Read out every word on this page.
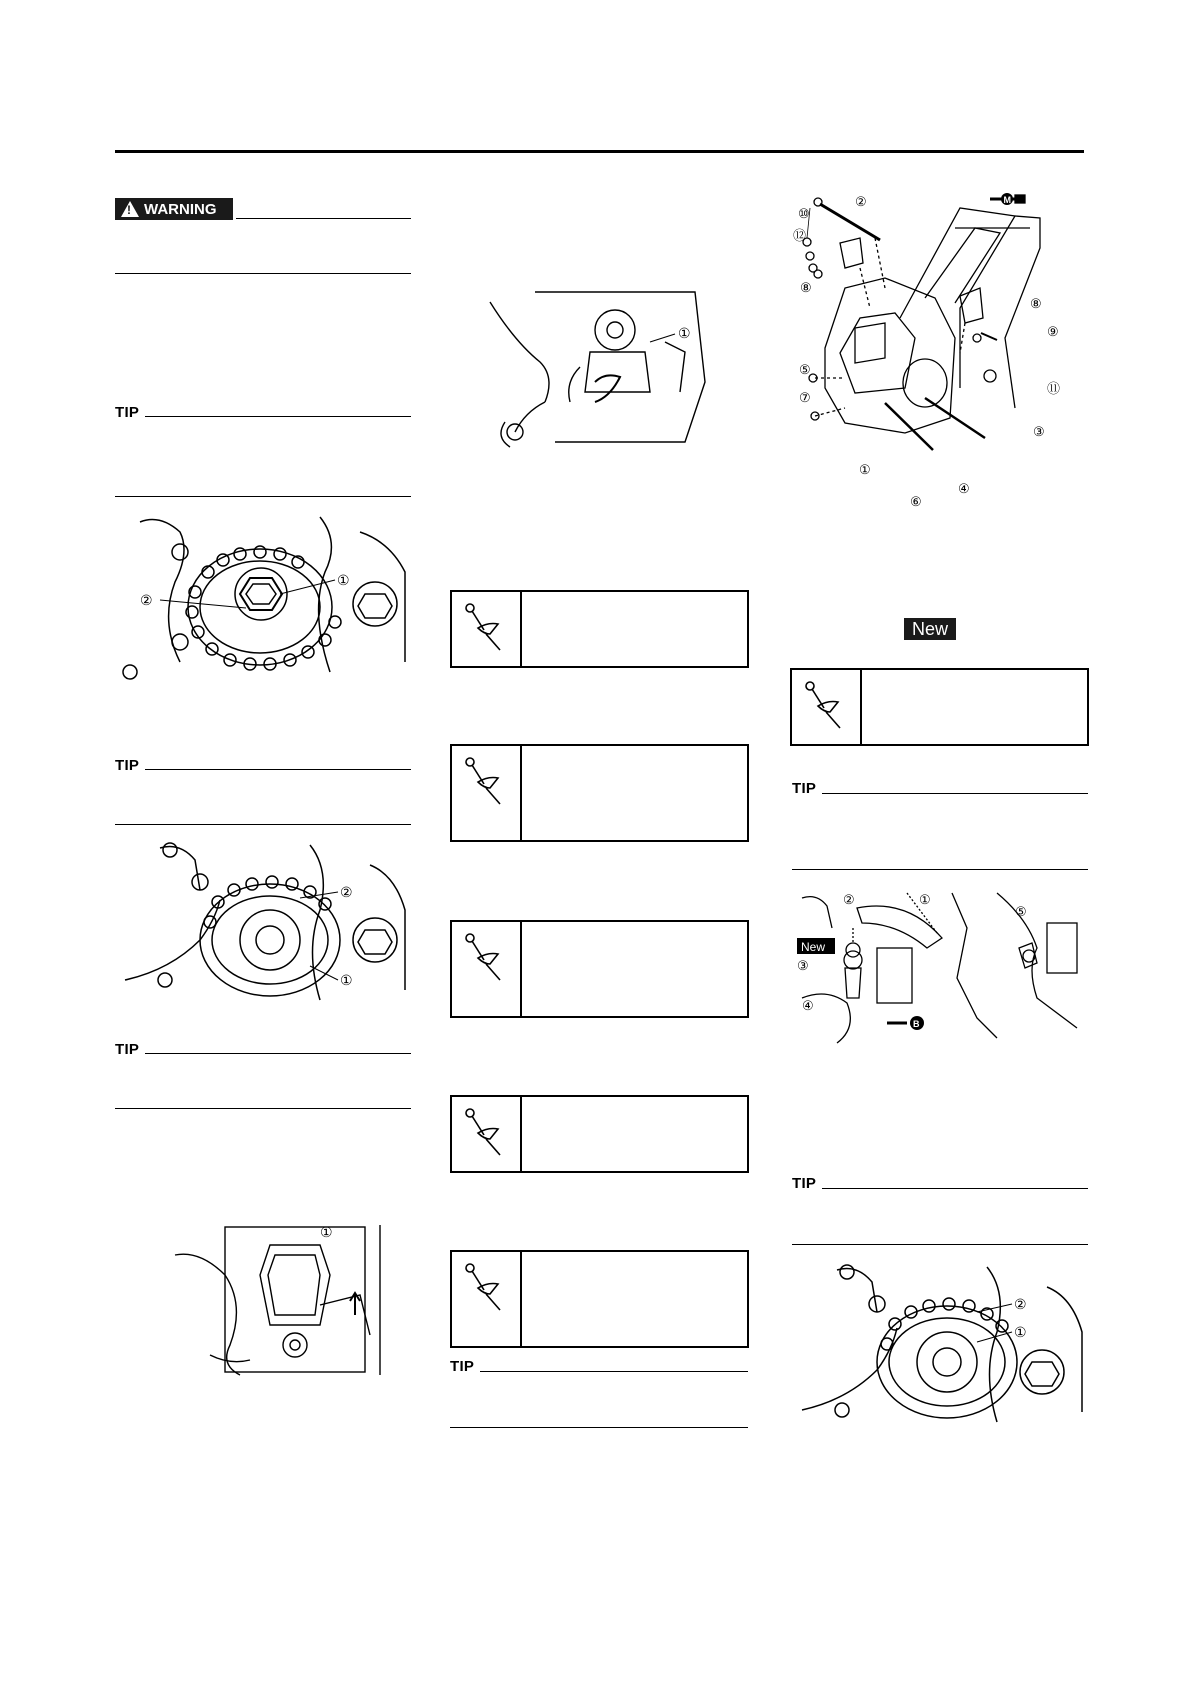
!
WARNING
TIP
②
①
TIP
②
①
TIP
①
①
TIP
⑩
⑫
⑧
⑤
⑦
①
⑥
④
③
⑪
⑨
⑧
②	M
New
TIP
New
B
②	①
③
④
⑤
TIP
②
①
